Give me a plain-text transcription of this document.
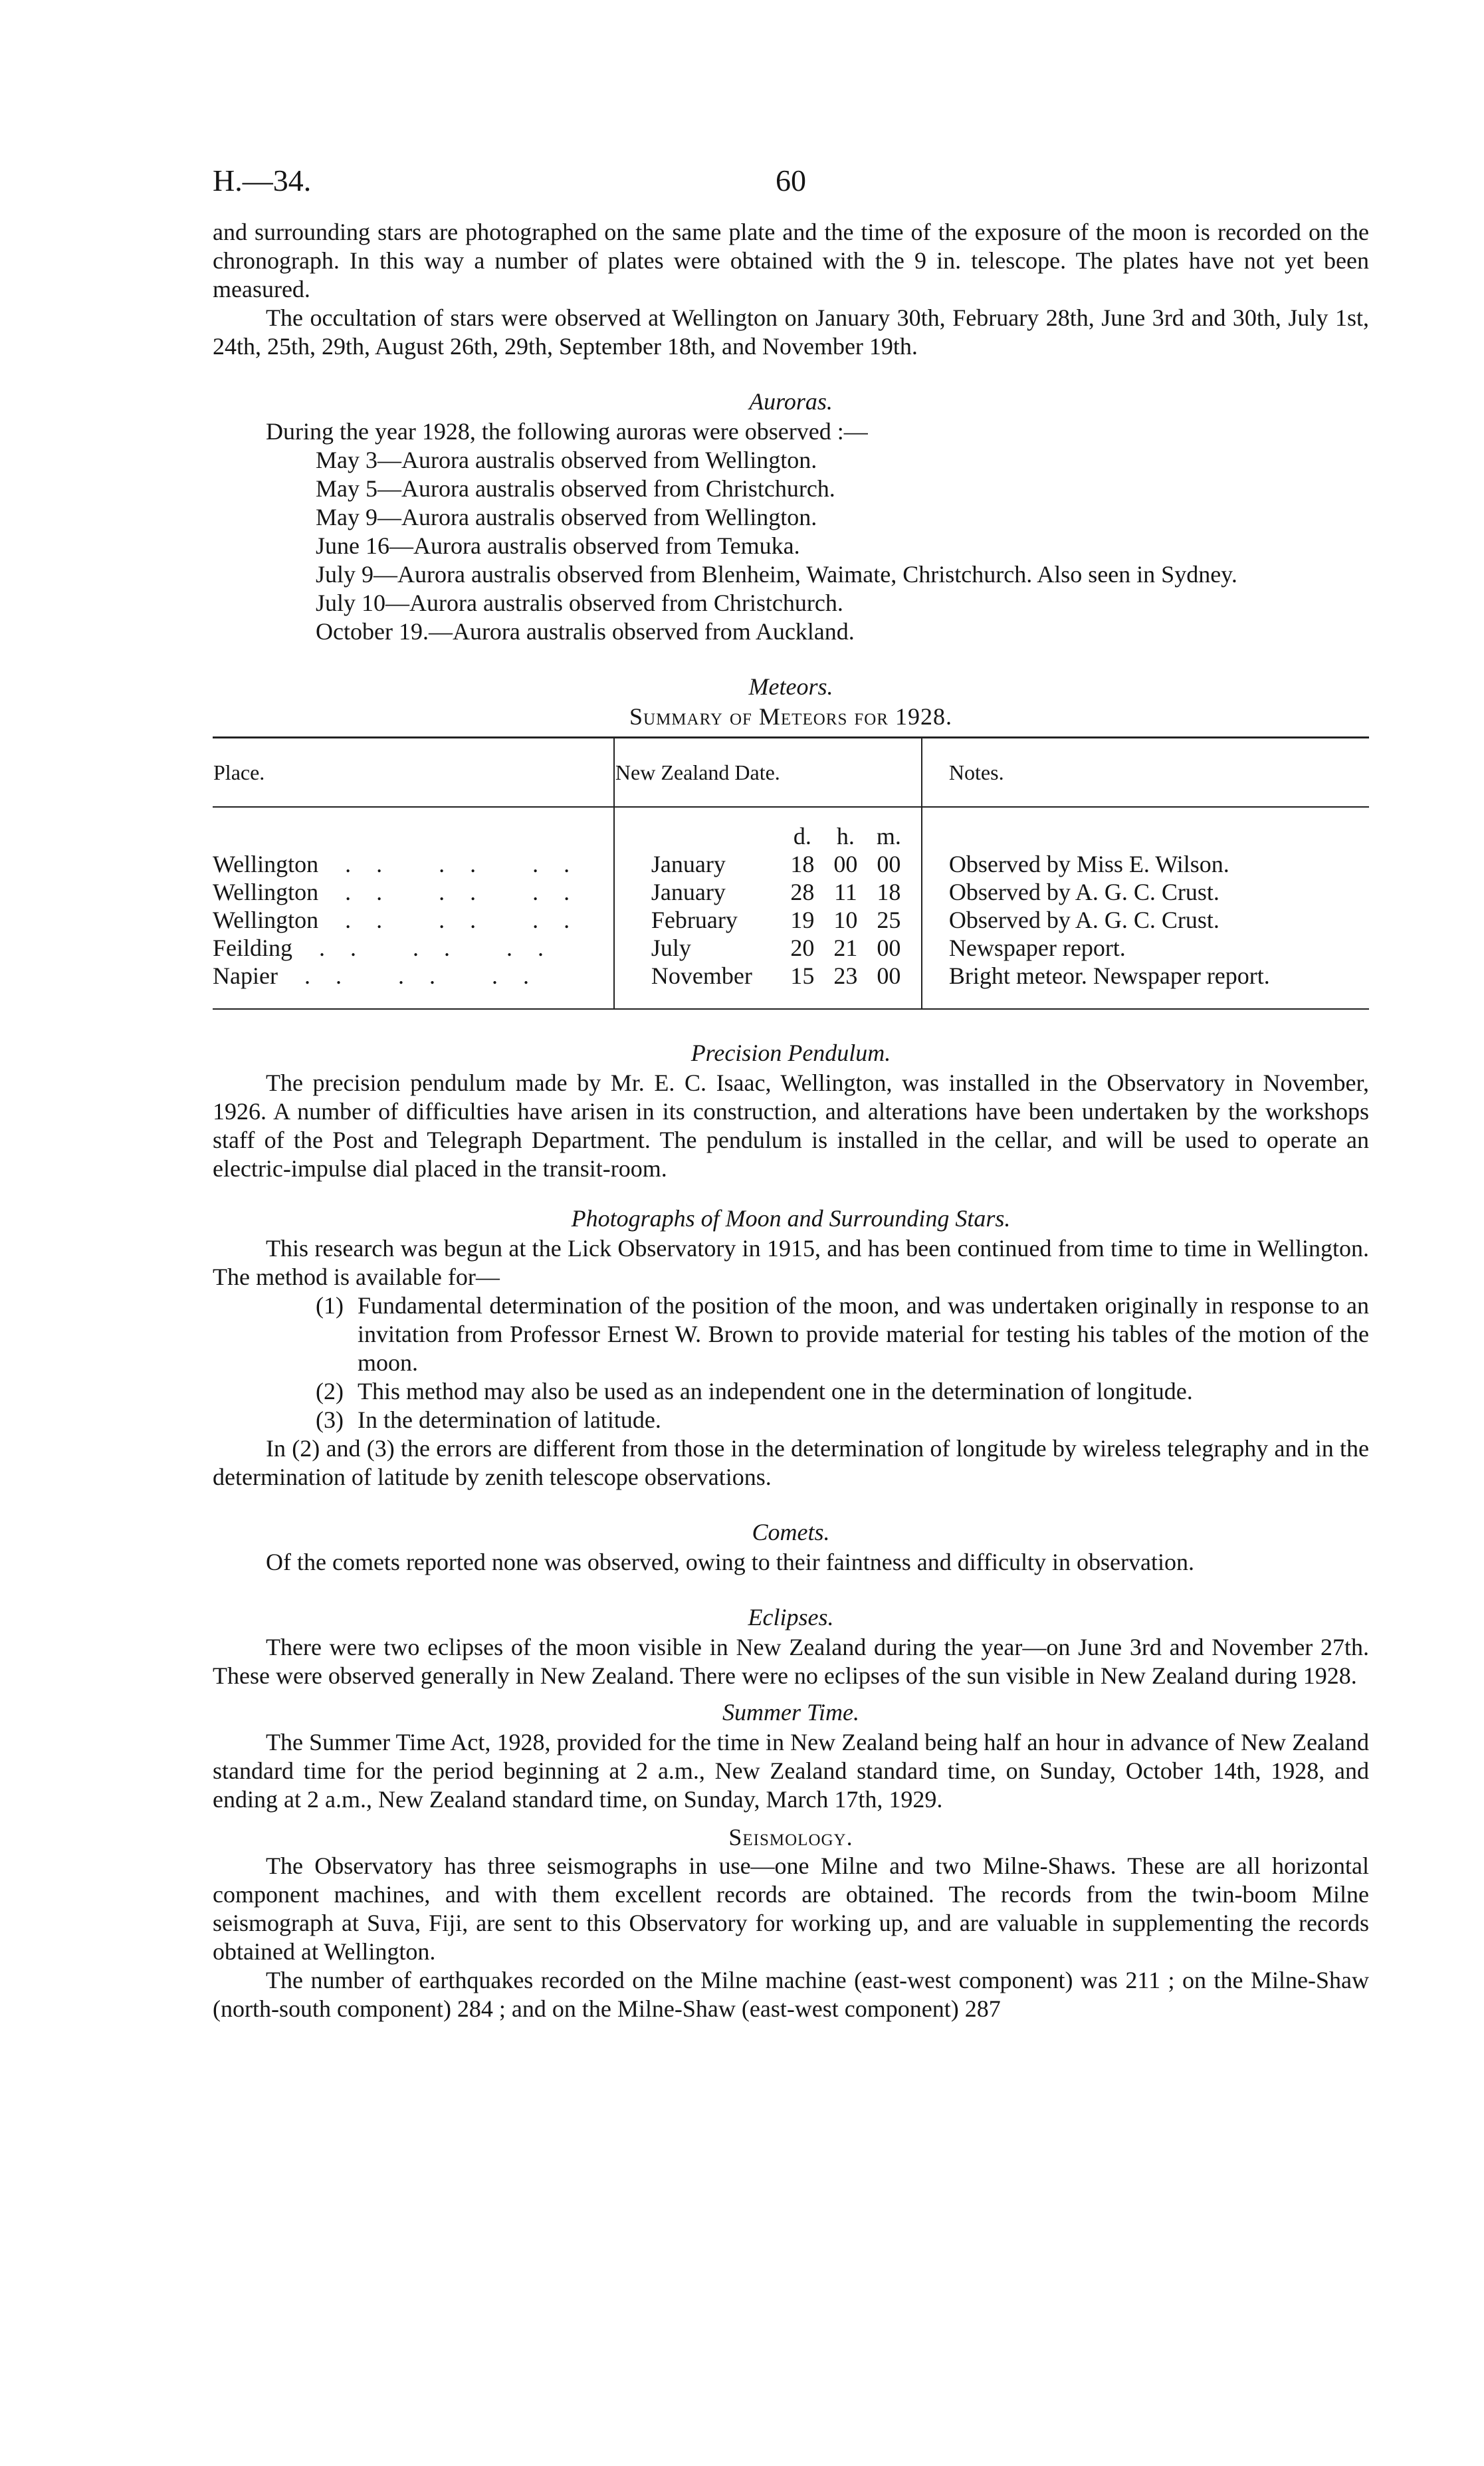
H.—34.	60

and surrounding stars are photographed on the same plate and the time of the exposure of the moon is recorded on the chronograph. In this way a number of plates were obtained with the 9 in. telescope. The plates have not yet been measured.

The occultation of stars were observed at Wellington on January 30th, February 28th, June 3rd and 30th, July 1st, 24th, 25th, 29th, August 26th, 29th, September 18th, and November 19th.

Auroras.

During the year 1928, the following auroras were observed :—

May 3—Aurora australis observed from Wellington.

May 5—Aurora australis observed from Christchurch.

May 9—Aurora australis observed from Wellington.

June 16—Aurora australis observed from Temuka.

July 9—Aurora australis observed from Blenheim, Waimate, Christchurch. Also seen in Sydney.

July 10—Aurora australis observed from Christchurch.

October 19.—Aurora australis observed from Auckland.

Meteors.

Summary of Meteors for 1928.

Place.	New Zealand Date.	Notes.

	d. h. m.	

Wellington .. .. ..	January 18 00 00	Observed by Miss E. Wilson.
Wellington .. .. ..	January 28 11 18	Observed by A. G. C. Crust.
Wellington .. .. ..	February 19 10 25	Observed by A. G. C. Crust.
Feilding .. .. ..	July 20 21 00	Newspaper report.
Napier .. .. ..	November 15 23 00	Bright meteor. Newspaper report.

Precision Pendulum.

The precision pendulum made by Mr. E. C. Isaac, Wellington, was installed in the Observatory in November, 1926. A number of difficulties have arisen in its construction, and alterations have been undertaken by the workshops staff of the Post and Telegraph Department. The pendulum is installed in the cellar, and will be used to operate an electric-impulse dial placed in the transit-room.

Photographs of Moon and Surrounding Stars.

This research was begun at the Lick Observatory in 1915, and has been continued from time to time in Wellington. The method is available for—

(1) Fundamental determination of the position of the moon, and was undertaken originally in response to an invitation from Professor Ernest W. Brown to provide material for testing his tables of the motion of the moon.

(2) This method may also be used as an independent one in the determination of longitude.

(3) In the determination of latitude.

In (2) and (3) the errors are different from those in the determination of longitude by wireless telegraphy and in the determination of latitude by zenith telescope observations.

Comets.

Of the comets reported none was observed, owing to their faintness and difficulty in observation.

Eclipses.

There were two eclipses of the moon visible in New Zealand during the year—on June 3rd and November 27th. These were observed generally in New Zealand. There were no eclipses of the sun visible in New Zealand during 1928.

Summer Time.

The Summer Time Act, 1928, provided for the time in New Zealand being half an hour in advance of New Zealand standard time for the period beginning at 2 a.m., New Zealand standard time, on Sunday, October 14th, 1928, and ending at 2 a.m., New Zealand standard time, on Sunday, March 17th, 1929.

Seismology.

The Observatory has three seismographs in use—one Milne and two Milne-Shaws. These are all horizontal component machines, and with them excellent records are obtained. The records from the twin-boom Milne seismograph at Suva, Fiji, are sent to this Observatory for working up, and are valuable in supplementing the records obtained at Wellington.

The number of earthquakes recorded on the Milne machine (east-west component) was 211 ; on the Milne-Shaw (north-south component) 284 ; and on the Milne-Shaw (east-west component) 287
